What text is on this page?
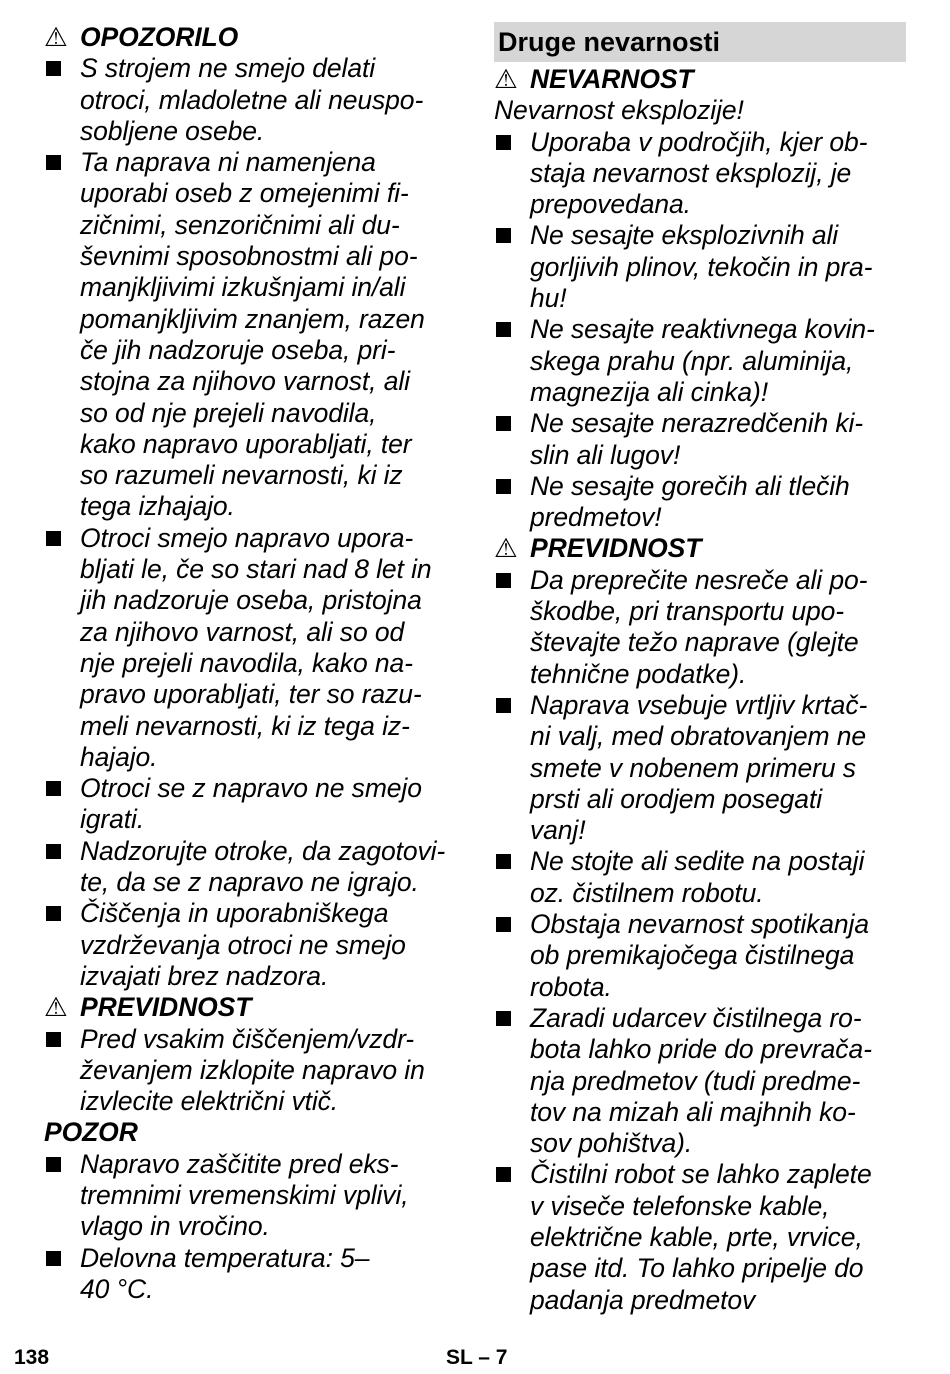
⚠ OPOZORILO
S strojem ne smejo delati
otroci, mladoletne ali neuspo-
sobljene osebe.
Ta naprava ni namenjena
uporabi oseb z omejenimi fi-
zičnimi, senzoričnimi ali du-
ševnimi sposobnostmi ali po-
manjkljivimi izkušnjami in/ali
pomanjkljivim znanjem, razen
če jih nadzoruje oseba, pri-
stojna za njihovo varnost, ali
so od nje prejeli navodila,
kako napravo uporabljati, ter
so razumeli nevarnosti, ki iz
tega izhajajo.
Otroci smejo napravo upora-
bljati le, če so stari nad 8 let in
jih nadzoruje oseba, pristojna
za njihovo varnost, ali so od
nje prejeli navodila, kako na-
pravo uporabljati, ter so razu-
meli nevarnosti, ki iz tega iz-
hajajo.
Otroci se z napravo ne smejo
igrati.
Nadzorujte otroke, da zagotovi-
te, da se z napravo ne igrajo.
Čiščenja in uporabniškega
vzdrževanja otroci ne smejo
izvajati brez nadzora.
⚠ PREVIDNOST
Pred vsakim čiščenjem/vzdr-
ževanjem izklopite napravo in
izvlecite električni vtič.
POZOR
Napravo zaščitite pred eks-
tremnimi vremenskimi vplivi,
vlago in vročino.
Delovna temperatura: 5–
40 °C.
Druge nevarnosti
⚠ NEVARNOST
Nevarnost eksplozije!
Uporaba v področjih, kjer ob-
staja nevarnost eksplozij, je
prepovedana.
Ne sesajte eksplozivnih ali
gorljivih plinov, tekočin in pra-
hu!
Ne sesajte reaktivnega kovin-
skega prahu (npr. aluminija,
magnezija ali cinka)!
Ne sesajte nerazredčenih ki-
slin ali lugov!
Ne sesajte gorečih ali tlečih
predmetov!
⚠ PREVIDNOST
Da preprečite nesreče ali po-
škodbe, pri transportu upo-
števajte težo naprave (glejte
tehnične podatke).
Naprava vsebuje vrtljiv krtač-
ni valj, med obratovanjem ne
smete v nobenem primeru s
prsti ali orodjem posegati
vanj!
Ne stojte ali sedite na postaji
oz. čistilnem robotu.
Obstaja nevarnost spotikanja
ob premikajočega čistilnega
robota.
Zaradi udarcev čistilnega ro-
bota lahko pride do prevrača-
nja predmetov (tudi predme-
tov na mizah ali majhnih ko-
sov pohištva).
Čistilni robot se lahko zaplete
v viseče telefonske kable,
električne kable, prte, vrvice,
pase itd. To lahko pripelje do
padanja predmetov
138	SL – 7
